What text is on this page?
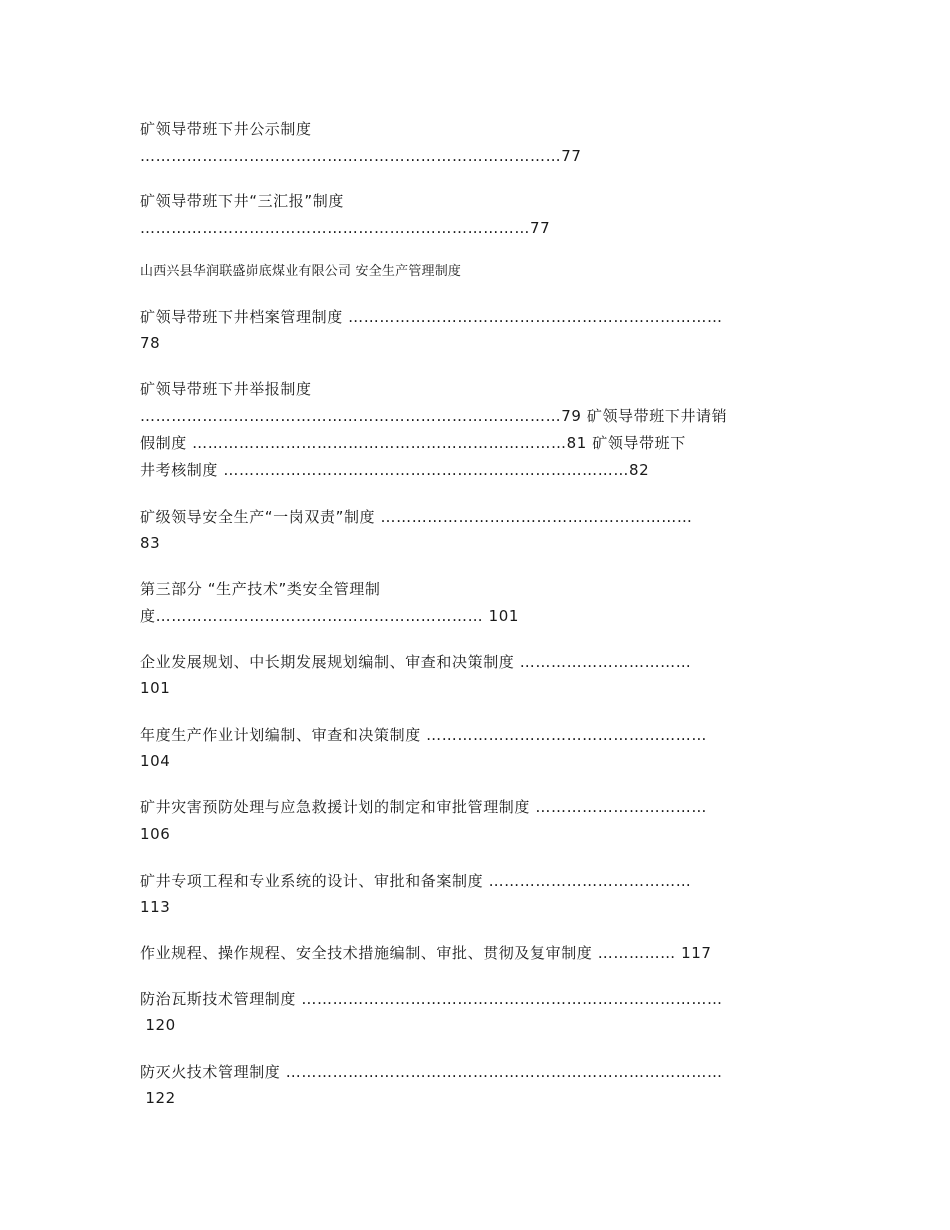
矿领导带班下井公示制度
………………………………………………………………………77
矿领导带班下井“三汇报”制度
…………………………………………………………………77
山西兴县华润联盛峁底煤业有限公司 安全生产管理制度
矿领导带班下井档案管理制度 ………………………………………………………………
78
矿领导带班下井举报制度
………………………………………………………………………79 矿领导带班下井请销
假制度 ………………………………………………………………81 矿领导带班下
井考核制度 ……………………………………………………………………82
矿级领导安全生产“一岗双责”制度 ……………………………………………………
83
第三部分 “生产技术”类安全管理制
度……………………………………………………… 101
企业发展规划、中长期发展规划编制、审查和决策制度 ……………………………
101
年度生产作业计划编制、审查和决策制度 ………………………………………………
104
矿井灾害预防处理与应急救援计划的制定和审批管理制度 ……………………………
106
矿井专项工程和专业系统的设计、审批和备案制度 …………………………………
113
作业规程、操作规程、安全技术措施编制、审批、贯彻及复审制度 …………… 117
防治瓦斯技术管理制度 ………………………………………………………………………
120
防灭火技术管理制度 …………………………………………………………………………
122
